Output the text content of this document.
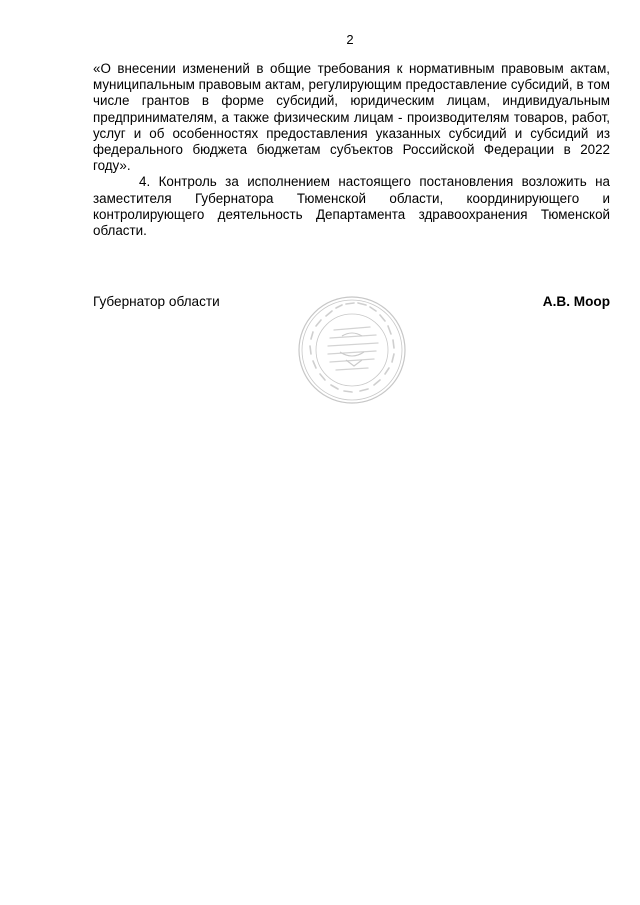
2

«О внесении изменений в общие требования к нормативным правовым актам, муниципальным правовым актам, регулирующим предоставление субсидий, в том числе грантов в форме субсидий, юридическим лицам, индивидуальным предпринимателям, а также физическим лицам - производителям товаров, работ, услуг и об особенностях предоставления указанных субсидий и субсидий из федерального бюджета бюджетам субъектов Российской Федерации в 2022 году».

4. Контроль за исполнением настоящего постановления возложить на заместителя Губернатора Тюменской области, координирующего и контролирующего деятельность Департамента здравоохранения Тюменской области.

Губернатор области	А.В. Моор
